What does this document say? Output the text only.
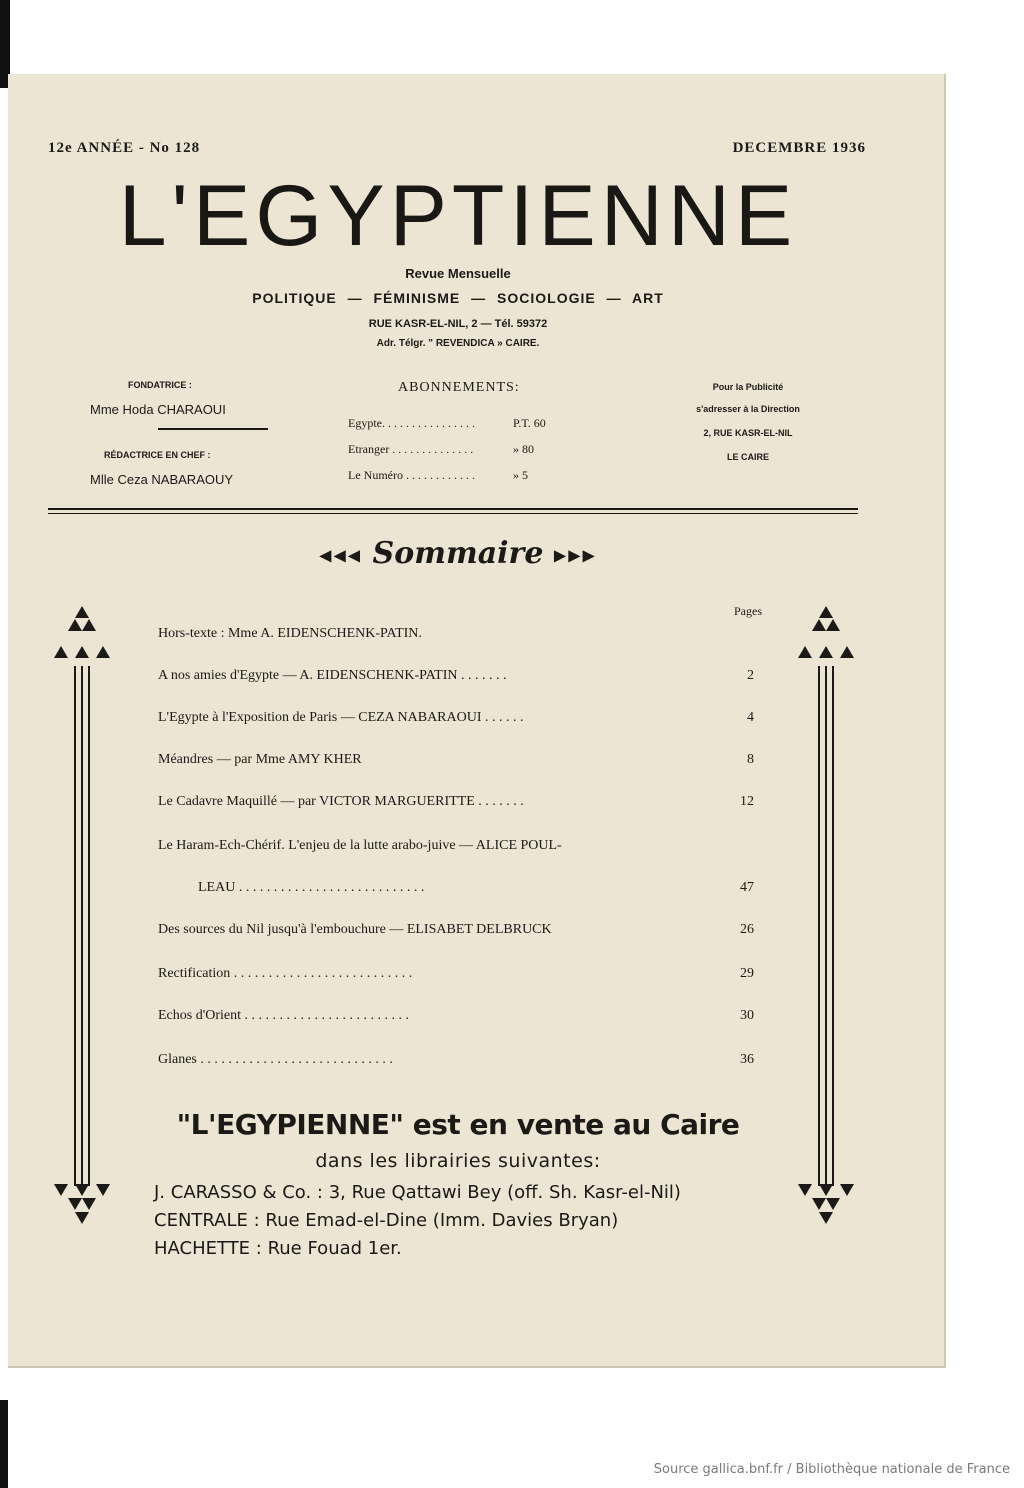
12e ANNÉE - No 128	DECEMBRE 1936
L'EGYPTIENNE
Revue Mensuelle
POLITIQUE — FÉMINISME — SOCIOLOGIE — ART
RUE KASR-EL-NIL, 2 — Tél. 59372
Adr. Télgr. " REVENDICA » CAIRE.
FONDATRICE :
Mme Hoda CHARAOUI
RÉDACTRICE EN CHEF :
Mlle Ceza NABARAOUY
ABONNEMENTS:
Egypte. . . . . . . . . . . . . . . .	P.T. 60
Etranger . . . . . . . . . . . . . .	» 80
Le Numéro . . . . . . . . . . . .	» 5
Pour la Publicité
s'adresser à la Direction
2, RUE KASR-EL-NIL
LE CAIRE
◀◀◀ Sommaire ▶▶▶
Pages
Hors-texte : Mme A. EIDENSCHENK-PATIN.
A nos amies d'Egypte — A. EIDENSCHENK-PATIN . . . . . . .	2
L'Egypte à l'Exposition de Paris — CEZA NABARAOUI . . . . . .	4
Méandres — par Mme AMY KHER	8
Le Cadavre Maquillé — par VICTOR MARGUERITTE . . . . . . .	12
Le Haram-Ech-Chérif. L'enjeu de la lutte arabo-juive — ALICE POUL-
LEAU . . . . . . . . . . . . . . . . . . . . . . . . . . .	47
Des sources du Nil jusqu'à l'embouchure — ELISABET DELBRUCK	26
Rectification . . . . . . . . . . . . . . . . . . . . . . . . . .	29
Echos d'Orient . . . . . . . . . . . . . . . . . . . . . . . .	30
Glanes . . . . . . . . . . . . . . . . . . . . . . . . . . . .	36
"L'EGYPIENNE" est en vente au Caire
dans les librairies suivantes:
J. CARASSO & Co. : 3, Rue Qattawi Bey (off. Sh. Kasr-el-Nil)
CENTRALE : Rue Emad-el-Dine (Imm. Davies Bryan)
HACHETTE : Rue Fouad 1er.
Source gallica.bnf.fr / Bibliothèque nationale de France
